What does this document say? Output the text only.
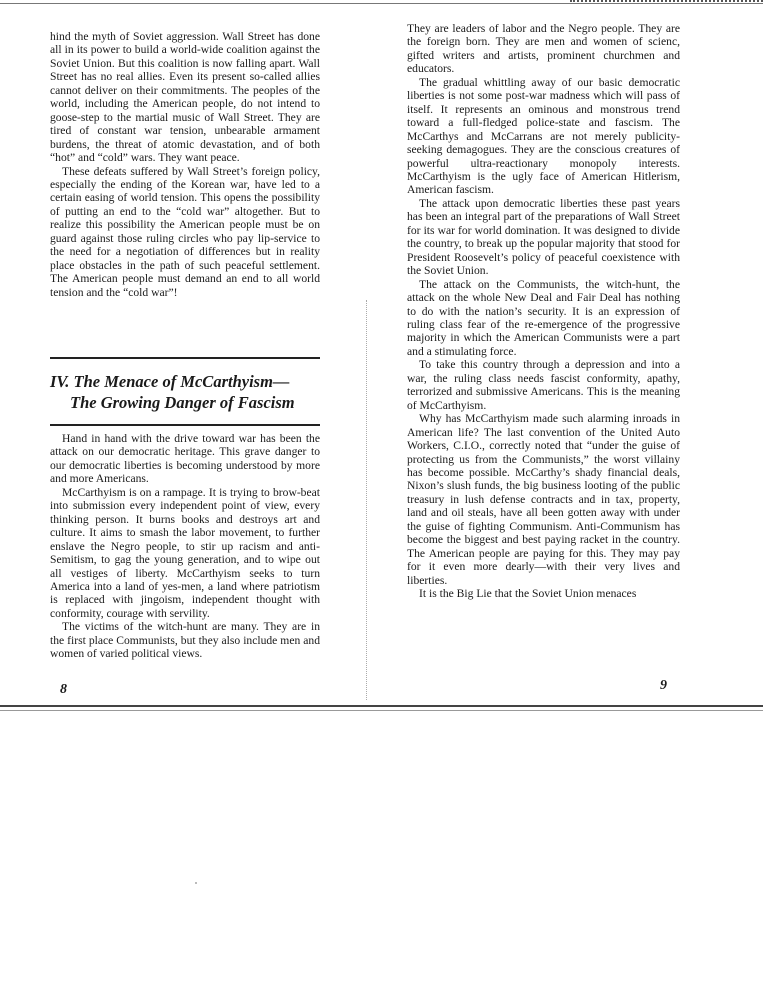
hind the myth of Soviet aggression. Wall Street has done all in its power to build a world-wide coalition against the Soviet Union. But this coalition is now falling apart. Wall Street has no real allies. Even its present so-called allies cannot deliver on their commitments. The peoples of the world, including the American people, do not intend to goose-step to the martial music of Wall Street. They are tired of constant war tension, unbearable armament burdens, the threat of atomic devastation, and of both “hot” and “cold” wars. They want peace.

These defeats suffered by Wall Street’s foreign policy, especially the ending of the Korean war, have led to a certain easing of world tension. This opens the possibility of putting an end to the “cold war” altogether. But to realize this possibility the American people must be on guard against those ruling circles who pay lip-service to the need for a negotiation of differences but in reality place obstacles in the path of such peaceful settlement. The American people must demand an end to all world tension and the “cold war”!

IV. The Menace of McCarthyism—
The Growing Danger of Fascism

Hand in hand with the drive toward war has been the attack on our democratic heritage. This grave danger to our democratic liberties is becoming understood by more and more Americans.

McCarthyism is on a rampage. It is trying to brow-beat into submission every independent point of view, every thinking person. It burns books and destroys art and culture. It aims to smash the labor movement, to further enslave the Negro people, to stir up racism and anti-Semitism, to gag the young generation, and to wipe out all vestiges of liberty. McCarthyism seeks to turn America into a land of yes-men, a land where patriotism is replaced with jingoism, independent thought with conformity, courage with servility.

The victims of the witch-hunt are many. They are in the first place Communists, but they also include men and women of varied political views.

8

They are leaders of labor and the Negro people. They are the foreign born. They are men and women of scienc, gifted writers and artists, prominent churchmen and educators.

The gradual whittling away of our basic democratic liberties is not some post-war madness which will pass of itself. It represents an ominous and monstrous trend toward a full-fledged police-state and fascism. The McCarthys and McCarrans are not merely publicity-seeking demagogues. They are the conscious creatures of powerful ultra-reactionary monopoly interests. McCarthyism is the ugly face of American Hitlerism, American fascism.

The attack upon democratic liberties these past years has been an integral part of the preparations of Wall Street for its war for world domination. It was designed to divide the country, to break up the popular majority that stood for President Roosevelt’s policy of peaceful coexistence with the Soviet Union.

The attack on the Communists, the witch-hunt, the attack on the whole New Deal and Fair Deal has nothing to do with the nation’s security. It is an expression of ruling class fear of the re-emergence of the progressive majority in which the American Communists were a part and a stimulating force.

To take this country through a depression and into a war, the ruling class needs fascist conformity, apathy, terrorized and submissive Americans. This is the meaning of McCarthyism.

Why has McCarthyism made such alarming inroads in American life? The last convention of the United Auto Workers, C.I.O., correctly noted that “under the guise of protecting us from the Communists,” the worst villainy has become possible. McCarthy’s shady financial deals, Nixon’s slush funds, the big business looting of the public treasury in lush defense contracts and in tax, property, land and oil steals, have all been gotten away with under the guise of fighting Communism. Anti-Communism has become the biggest and best paying racket in the country. The American people are paying for this. They may pay for it even more dearly—with their very lives and liberties.

It is the Big Lie that the Soviet Union menaces

9
